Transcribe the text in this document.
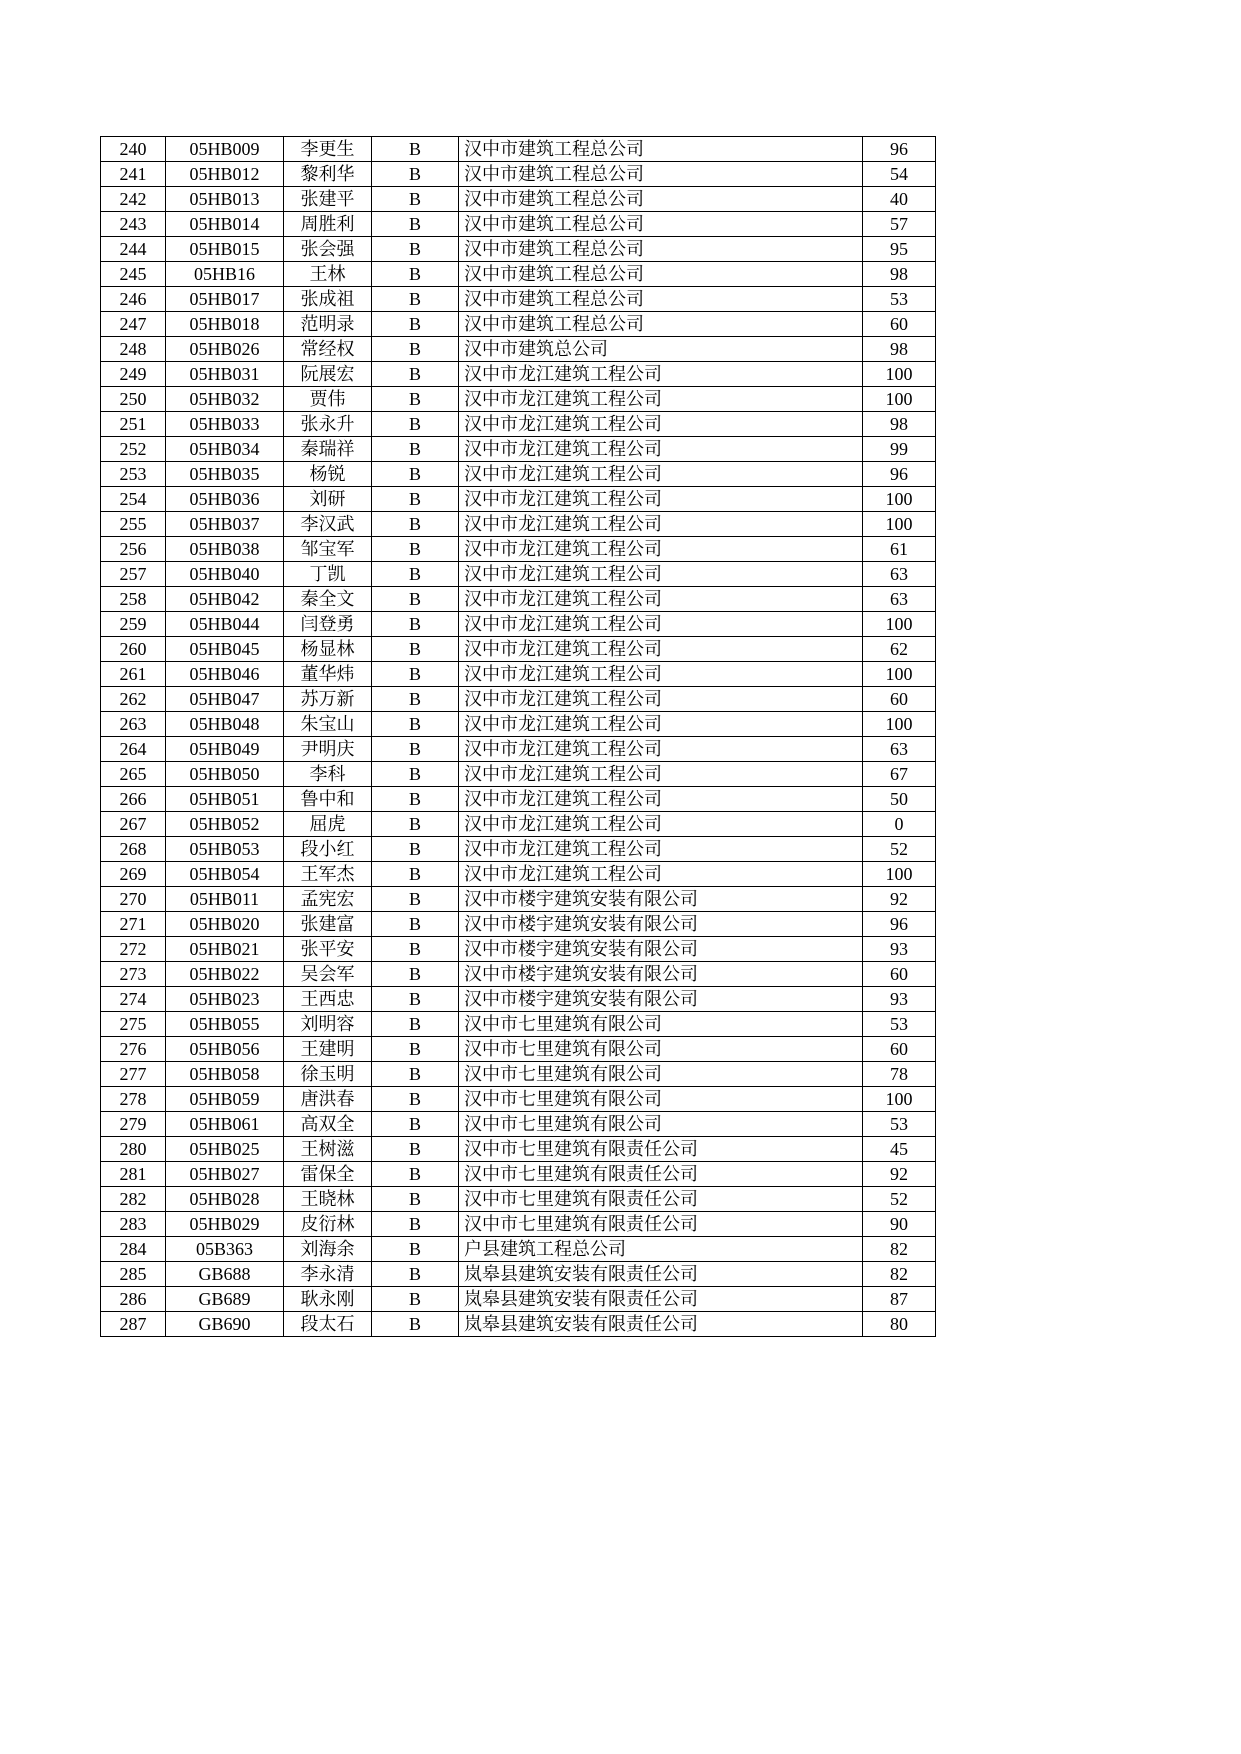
240	05HB009	李更生	B	汉中市建筑工程总公司	96
241	05HB012	黎利华	B	汉中市建筑工程总公司	54
242	05HB013	张建平	B	汉中市建筑工程总公司	40
243	05HB014	周胜利	B	汉中市建筑工程总公司	57
244	05HB015	张会强	B	汉中市建筑工程总公司	95
245	05HB16	王林	B	汉中市建筑工程总公司	98
246	05HB017	张成祖	B	汉中市建筑工程总公司	53
247	05HB018	范明录	B	汉中市建筑工程总公司	60
248	05HB026	常经权	B	汉中市建筑总公司	98
249	05HB031	阮展宏	B	汉中市龙江建筑工程公司	100
250	05HB032	贾伟	B	汉中市龙江建筑工程公司	100
251	05HB033	张永升	B	汉中市龙江建筑工程公司	98
252	05HB034	秦瑞祥	B	汉中市龙江建筑工程公司	99
253	05HB035	杨锐	B	汉中市龙江建筑工程公司	96
254	05HB036	刘研	B	汉中市龙江建筑工程公司	100
255	05HB037	李汉武	B	汉中市龙江建筑工程公司	100
256	05HB038	邹宝军	B	汉中市龙江建筑工程公司	61
257	05HB040	丁凯	B	汉中市龙江建筑工程公司	63
258	05HB042	秦全文	B	汉中市龙江建筑工程公司	63
259	05HB044	闫登勇	B	汉中市龙江建筑工程公司	100
260	05HB045	杨显林	B	汉中市龙江建筑工程公司	62
261	05HB046	董华炜	B	汉中市龙江建筑工程公司	100
262	05HB047	苏万新	B	汉中市龙江建筑工程公司	60
263	05HB048	朱宝山	B	汉中市龙江建筑工程公司	100
264	05HB049	尹明庆	B	汉中市龙江建筑工程公司	63
265	05HB050	李科	B	汉中市龙江建筑工程公司	67
266	05HB051	鲁中和	B	汉中市龙江建筑工程公司	50
267	05HB052	屈虎	B	汉中市龙江建筑工程公司	0
268	05HB053	段小红	B	汉中市龙江建筑工程公司	52
269	05HB054	王军杰	B	汉中市龙江建筑工程公司	100
270	05HB011	孟宪宏	B	汉中市楼宇建筑安装有限公司	92
271	05HB020	张建富	B	汉中市楼宇建筑安装有限公司	96
272	05HB021	张平安	B	汉中市楼宇建筑安装有限公司	93
273	05HB022	吴会军	B	汉中市楼宇建筑安装有限公司	60
274	05HB023	王西忠	B	汉中市楼宇建筑安装有限公司	93
275	05HB055	刘明容	B	汉中市七里建筑有限公司	53
276	05HB056	王建明	B	汉中市七里建筑有限公司	60
277	05HB058	徐玉明	B	汉中市七里建筑有限公司	78
278	05HB059	唐洪春	B	汉中市七里建筑有限公司	100
279	05HB061	高双全	B	汉中市七里建筑有限公司	53
280	05HB025	王树滋	B	汉中市七里建筑有限责任公司	45
281	05HB027	雷保全	B	汉中市七里建筑有限责任公司	92
282	05HB028	王晓林	B	汉中市七里建筑有限责任公司	52
283	05HB029	皮衍林	B	汉中市七里建筑有限责任公司	90
284	05B363	刘海余	B	户县建筑工程总公司	82
285	GB688	李永清	B	岚皋县建筑安装有限责任公司	82
286	GB689	耿永刚	B	岚皋县建筑安装有限责任公司	87
287	GB690	段太石	B	岚皋县建筑安装有限责任公司	80
